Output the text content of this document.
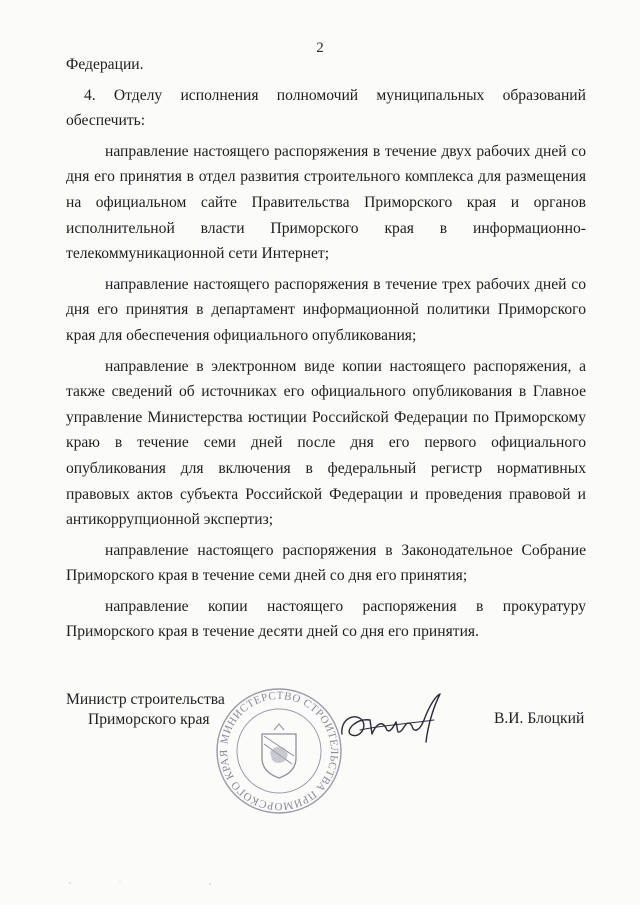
2

Федерации.

4. Отделу исполнения полномочий муниципальных образований обеспечить:

направление настоящего распоряжения в течение двух рабочих дней со дня его принятия в отдел развития строительного комплекса для размещения на официальном сайте Правительства Приморского края и органов исполнительной власти Приморского края в информационно-телекоммуникационной сети Интернет;

направление настоящего распоряжения в течение трех рабочих дней со дня его принятия в департамент информационной политики Приморского края для обеспечения официального опубликования;

направление в электронном виде копии настоящего распоряжения, а также сведений об источниках его официального опубликования в Главное управление Министерства юстиции Российской Федерации по Приморскому краю в течение семи дней после дня его первого официального опубликования для включения в федеральный регистр нормативных правовых актов субъекта Российской Федерации и проведения правовой и антикоррупционной экспертиз;

направление настоящего распоряжения в Законодательное Собрание Приморского края в течение семи дней со дня его принятия;

направление копии настоящего распоряжения в прокуратуру Приморского края в течение десяти дней со дня его принятия.

Министр строительства
Приморского края
МИНИСТЕРСТВО СТРОИТЕЛЬСТВА ПРИМОРСКОГО КРАЯ
В.И. Блоцкий
